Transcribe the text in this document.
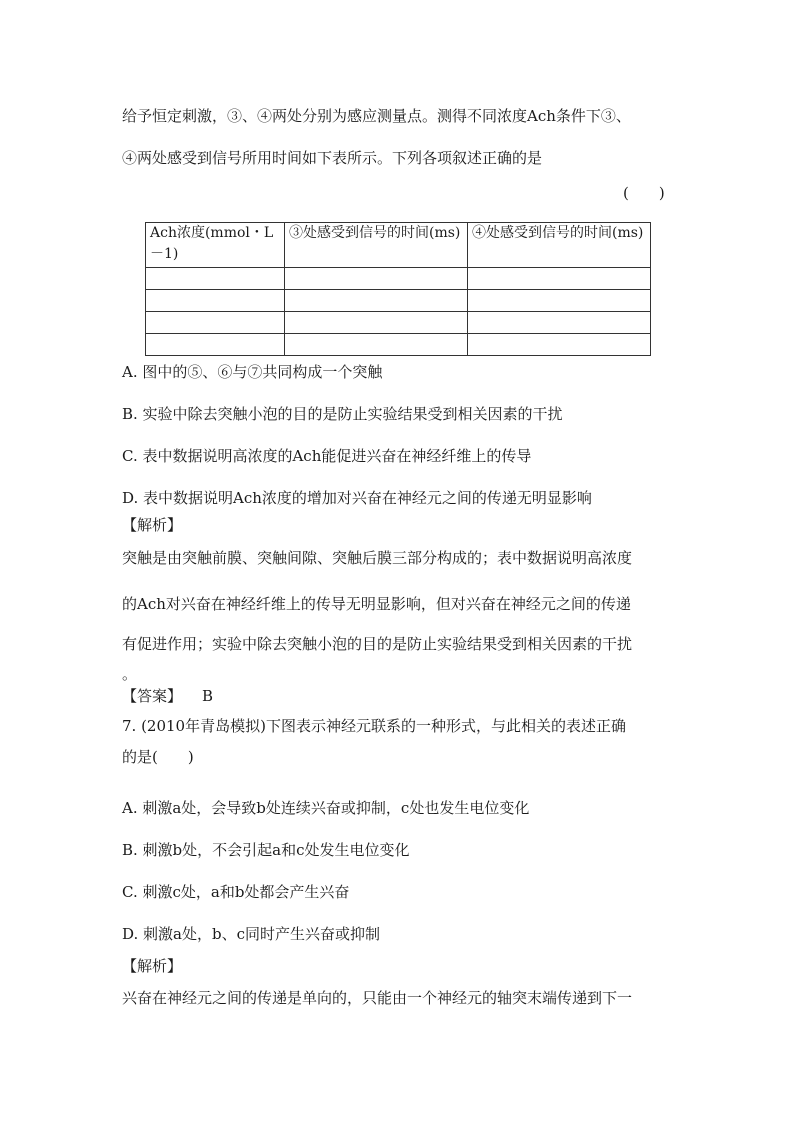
给予恒定刺激，③、④两处分别为感应测量点。测得不同浓度Ach条件下③、
④两处感受到信号所用时间如下表所示。下列各项叙述正确的是
(　　)
Ach浓度(mmol・L－1)	③处感受到信号的时间(ms)	④处感受到信号的时间(ms)

A. 图中的⑤、⑥与⑦共同构成一个突触
B. 实验中除去突触小泡的目的是防止实验结果受到相关因素的干扰
C. 表中数据说明高浓度的Ach能促进兴奋在神经纤维上的传导
D. 表中数据说明Ach浓度的增加对兴奋在神经元之间的传递无明显影响
【解析】
突触是由突触前膜、突触间隙、突触后膜三部分构成的；表中数据说明高浓度
的Ach对兴奋在神经纤维上的传导无明显影响，但对兴奋在神经元之间的传递
有促进作用；实验中除去突触小泡的目的是防止实验结果受到相关因素的干扰
。
【答案】 B
7. (2010年青岛模拟)下图表示神经元联系的一种形式，与此相关的表述正确
的是(　　)
A. 刺激a处，会导致b处连续兴奋或抑制，c处也发生电位变化
B. 刺激b处，不会引起a和c处发生电位变化
C. 刺激c处，a和b处都会产生兴奋
D. 刺激a处，b、c同时产生兴奋或抑制
【解析】
兴奋在神经元之间的传递是单向的，只能由一个神经元的轴突末端传递到下一
